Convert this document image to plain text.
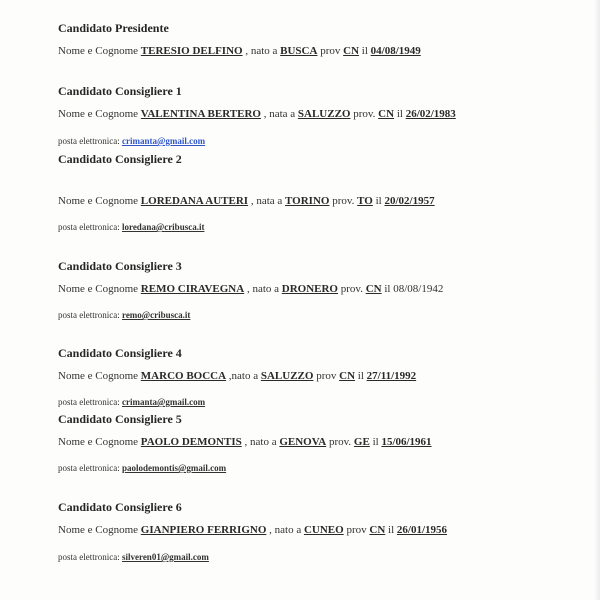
Candidato Presidente
Nome e Cognome TERESIO DELFINO , nato a BUSCA prov CN il 04/08/1949
Candidato Consigliere 1
Nome e Cognome VALENTINA BERTERO , nata a SALUZZO prov. CN il 26/02/1983
posta elettronica: crimanta@gmail.com
Candidato Consigliere 2
Nome e Cognome LOREDANA AUTERI , nata a TORINO prov. TO il 20/02/1957
posta elettronica: loredana@cribusca.it
Candidato Consigliere 3
Nome e Cognome REMO CIRAVEGNA , nato a DRONERO prov. CN il 08/08/1942
posta elettronica: remo@cribusca.it
Candidato Consigliere 4
Nome e Cognome MARCO BOCCA ,nato a SALUZZO prov CN il 27/11/1992
posta elettronica: crimanta@gmail.com
Candidato Consigliere 5
Nome e Cognome PAOLO DEMONTIS , nato a GENOVA prov. GE il 15/06/1961
posta elettronica: paolodemontis@gmail.com
Candidato Consigliere 6
Nome e Cognome GIANPIERO FERRIGNO , nato a CUNEO prov CN il 26/01/1956
posta elettronica: silveren01@gmail.com
